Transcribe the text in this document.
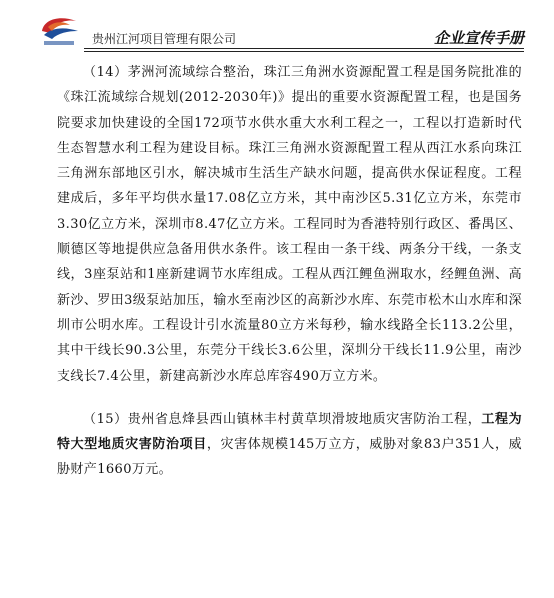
贵州江河项目管理有限公司	企业宣传手册

（14）茅洲河流域综合整治，珠江三角洲水资源配置工程是国务院批准的《珠江流域综合规划(2012-2030年)》提出的重要水资源配置工程，也是国务院要求加快建设的全国172项节水供水重大水利工程之一，工程以打造新时代生态智慧水利工程为建设目标。珠江三角洲水资源配置工程从西江水系向珠江三角洲东部地区引水，解决城市生活生产缺水问题，提高供水保证程度。工程建成后，多年平均供水量17.08亿立方米，其中南沙区5.31亿立方米，东莞市3.30亿立方米，深圳市8.47亿立方米。工程同时为香港特别行政区、番禺区、顺德区等地提供应急备用供水条件。该工程由一条干线、两条分干线，一条支线，3座泵站和1座新建调节水库组成。工程从西江鲤鱼洲取水，经鲤鱼洲、高新沙、罗田3级泵站加压，输水至南沙区的高新沙水库、东莞市松木山水库和深圳市公明水库。工程设计引水流量80立方米每秒，输水线路全长113.2公里，其中干线长90.3公里，东莞分干线长3.6公里，深圳分干线长11.9公里，南沙支线长7.4公里，新建高新沙水库总库容490万立方米。

（15）贵州省息烽县西山镇林丰村黄草坝滑坡地质灾害防治工程，工程为特大型地质灾害防治项目，灾害体规模145万立方，威胁对象83户351人，威胁财产1660万元。
